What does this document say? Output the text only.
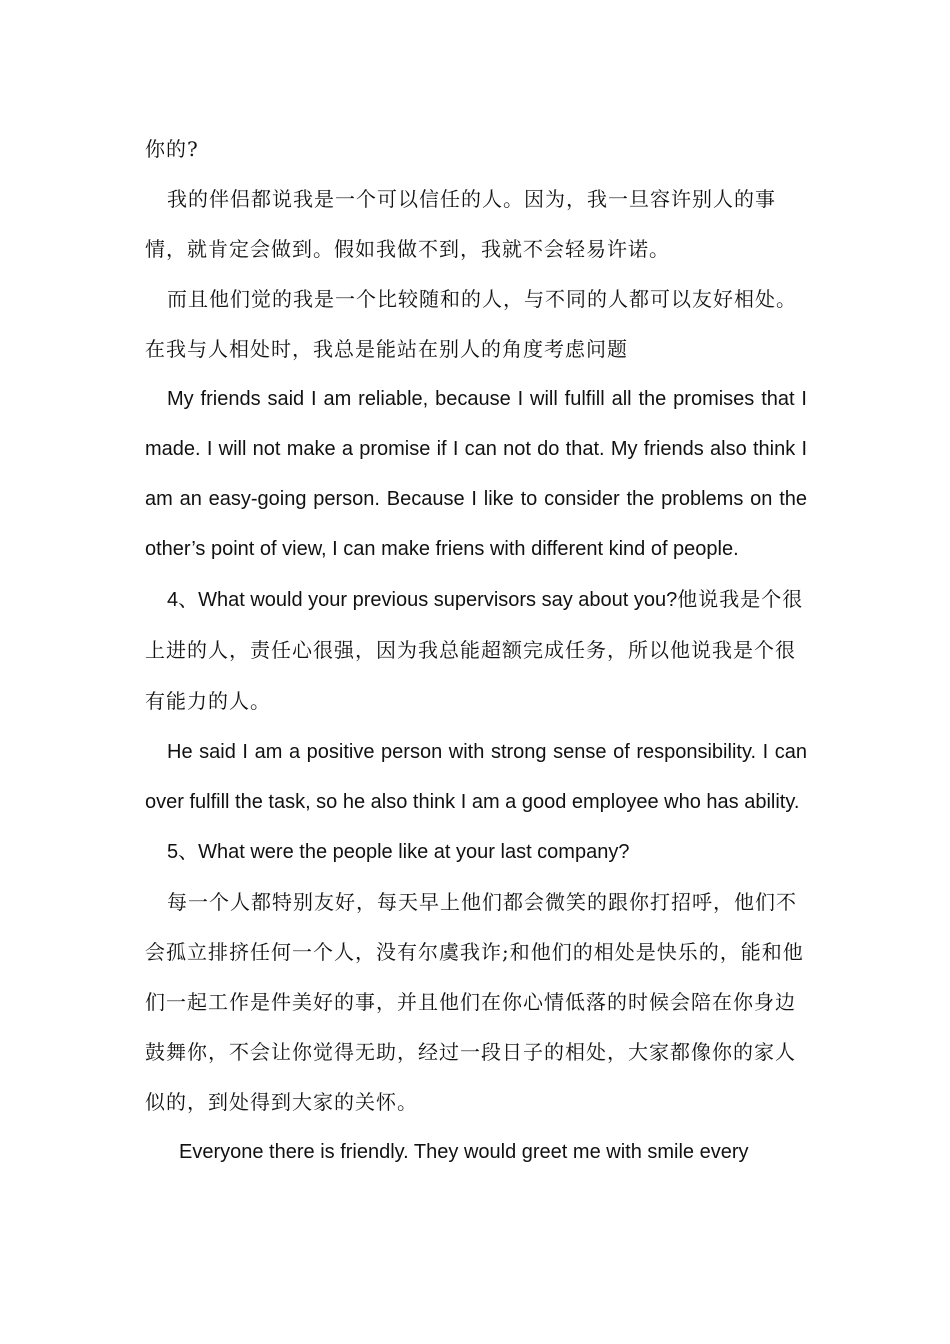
你的?

我的伴侣都说我是一个可以信任的人。因为，我一旦容许别人的事情，就肯定会做到。假如我做不到，我就不会轻易许诺。

而且他们觉的我是一个比较随和的人，与不同的人都可以友好相处。在我与人相处时，我总是能站在别人的角度考虑问题

My friends said I am reliable, because I will fulfill all the promises that I made. I will not make a promise if I can not do that. My friends also think I am an easy-going person. Because I like to consider the problems on the other’s point of view, I can make friens with different kind of people.

4、What would your previous supervisors say about you?他说我是个很上进的人，责任心很强，因为我总能超额完成任务，所以他说我是个很有能力的人。

He said I am a positive person with strong sense of responsibility. I can over fulfill the task, so he also think I am a good employee who has ability.

5、What were the people like at your last company?

每一个人都特别友好，每天早上他们都会微笑的跟你打招呼，他们不会孤立排挤任何一个人，没有尔虞我诈;和他们的相处是快乐的，能和他们一起工作是件美好的事，并且他们在你心情低落的时候会陪在你身边鼓舞你，不会让你觉得无助，经过一段日子的相处，大家都像你的家人似的，到处得到大家的关怀。

Everyone there is friendly. They would greet me with smile every
